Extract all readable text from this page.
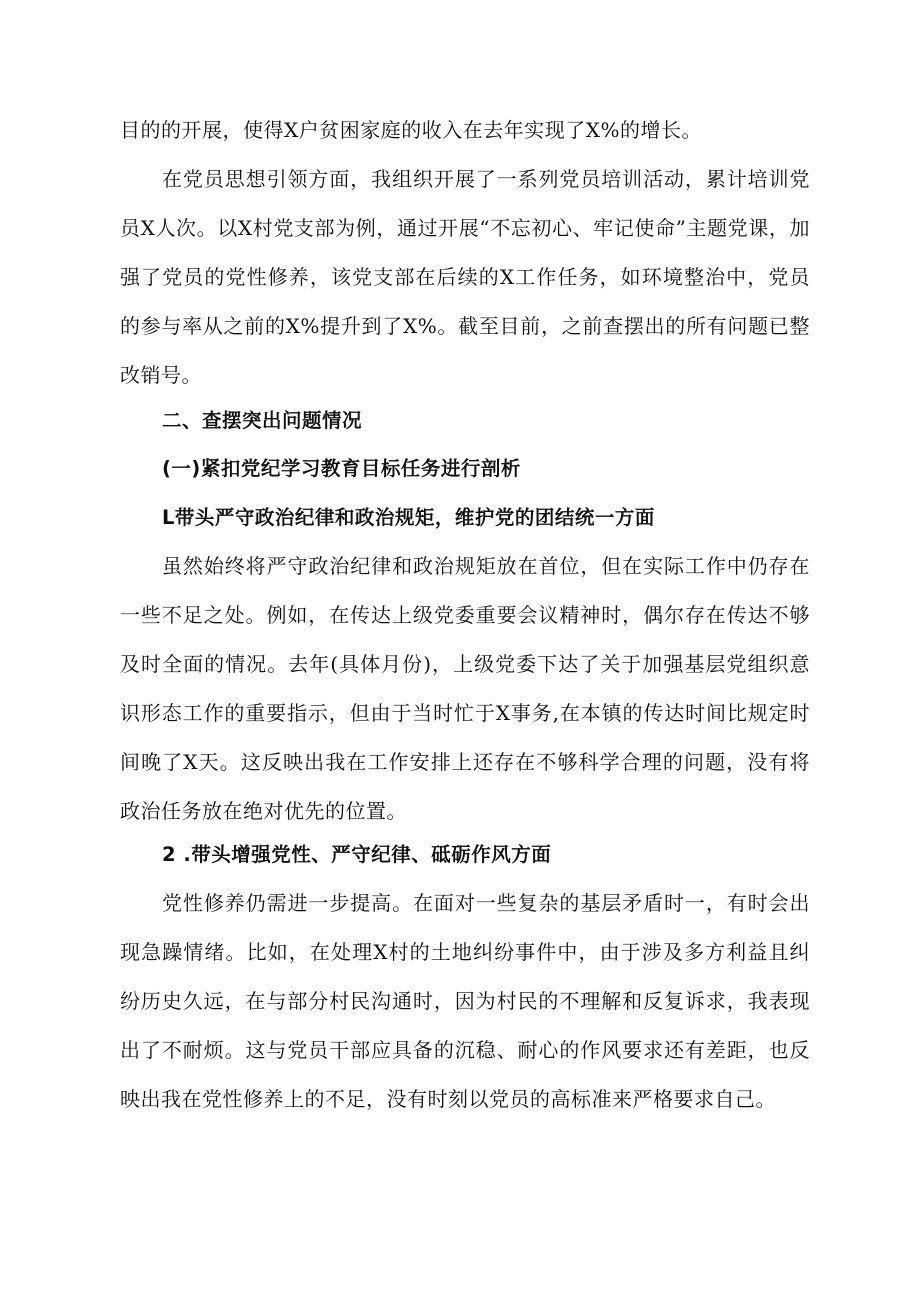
目的的开展，使得X户贫困家庭的收入在去年实现了X%的增长。

在党员思想引领方面，我组织开展了一系列党员培训活动，累计培训党员X人次。以X村党支部为例，通过开展“不忘初心、牢记使命”主题党课，加强了党员的党性修养，该党支部在后续的X工作任务，如环境整治中，党员的参与率从之前的X%提升到了X%。截至目前，之前查摆出的所有问题已整改销号。

二、查摆突出问题情况

(一)紧扣党纪学习教育目标任务进行剖析

L带头严守政治纪律和政治规矩，维护党的团结统一方面

虽然始终将严守政治纪律和政治规矩放在首位，但在实际工作中仍存在一些不足之处。例如，在传达上级党委重要会议精神时，偶尔存在传达不够及时全面的情况。去年(具体月份)，上级党委下达了关于加强基层党组织意识形态工作的重要指示，但由于当时忙于X事务,在本镇的传达时间比规定时间晚了X天。这反映出我在工作安排上还存在不够科学合理的问题，没有将政治任务放在绝对优先的位置。

2 .带头增强党性、严守纪律、砥砺作风方面

党性修养仍需进一步提高。在面对一些复杂的基层矛盾时一，有时会出现急躁情绪。比如，在处理X村的土地纠纷事件中，由于涉及多方利益且纠纷历史久远，在与部分村民沟通时，因为村民的不理解和反复诉求，我表现出了不耐烦。这与党员干部应具备的沉稳、耐心的作风要求还有差距，也反映出我在党性修养上的不足，没有时刻以党员的高标准来严格要求自己。
